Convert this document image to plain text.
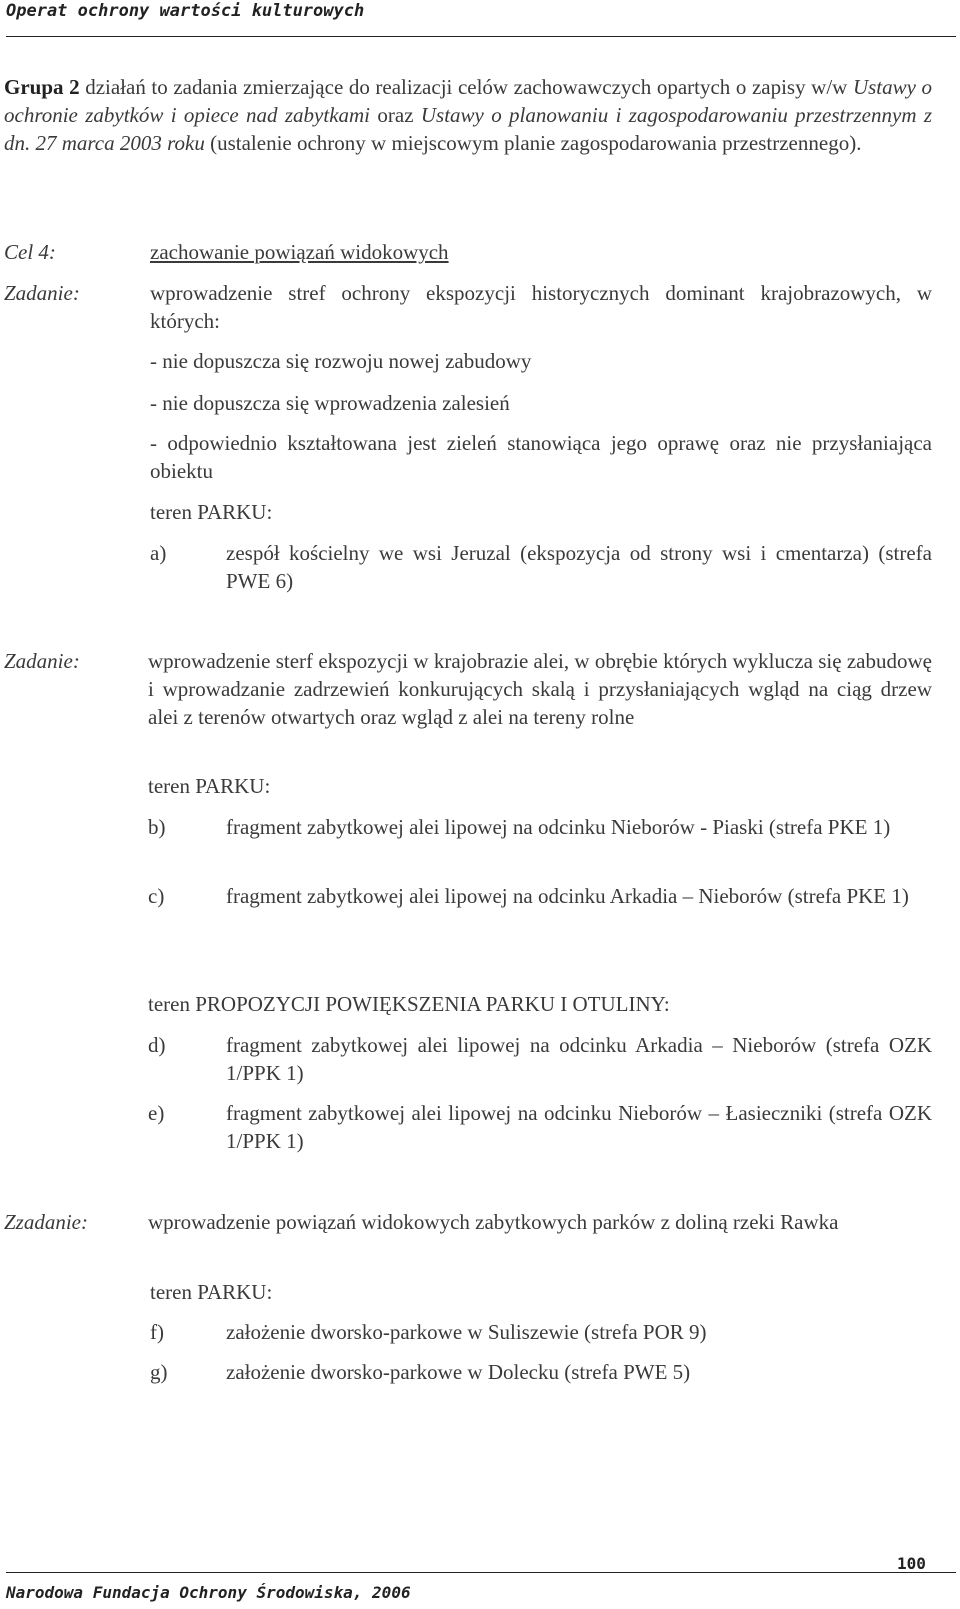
Operat ochrony wartości kulturowych
Grupa 2 działań to zadania zmierzające do realizacji celów zachowawczych opartych o zapisy w/w Ustawy o ochronie zabytków i opiece nad zabytkami oraz Ustawy o planowaniu i zagospodarowaniu przestrzennym z dn. 27 marca 2003 roku (ustalenie ochrony w miejscowym planie zagospodarowania przestrzennego).
Cel 4:	zachowanie powiązań widokowych
Zadanie:	wprowadzenie stref ochrony ekspozycji historycznych dominant krajobrazowych, w których:
- nie dopuszcza się rozwoju nowej zabudowy
- nie dopuszcza się wprowadzenia zalesień
- odpowiednio kształtowana jest zieleń stanowiąca jego oprawę oraz nie przysłaniająca obiektu
teren PARKU:
a)	zespół kościelny we wsi Jeruzal (ekspozycja od strony wsi i cmentarza) (strefa PWE 6)
Zadanie:	wprowadzenie sterf ekspozycji w krajobrazie alei, w obrębie których wyklucza się zabudowę i wprowadzanie zadrzewień konkurujących skalą i przysłaniających wgląd na ciąg drzew alei z terenów otwartych oraz wgląd z alei na tereny rolne
teren PARKU:
b)	fragment zabytkowej alei lipowej na odcinku Nieborów - Piaski (strefa PKE 1)
c)	fragment zabytkowej alei lipowej na odcinku Arkadia – Nieborów (strefa PKE 1)
teren PROPOZYCJI POWIĘKSZENIA PARKU I OTULINY:
d)	fragment zabytkowej alei lipowej na odcinku Arkadia – Nieborów (strefa OZK 1/PPK 1)
e)	fragment zabytkowej alei lipowej na odcinku Nieborów – Łasieczniki (strefa OZK 1/PPK 1)
Zzadanie:	wprowadzenie powiązań widokowych zabytkowych parków z doliną rzeki Rawka
teren PARKU:
f)	założenie dworsko-parkowe w Suliszewie (strefa POR 9)
g)	założenie dworsko-parkowe w Dolecku (strefa PWE 5)
100
Narodowa Fundacja Ochrony Środowiska, 2006
